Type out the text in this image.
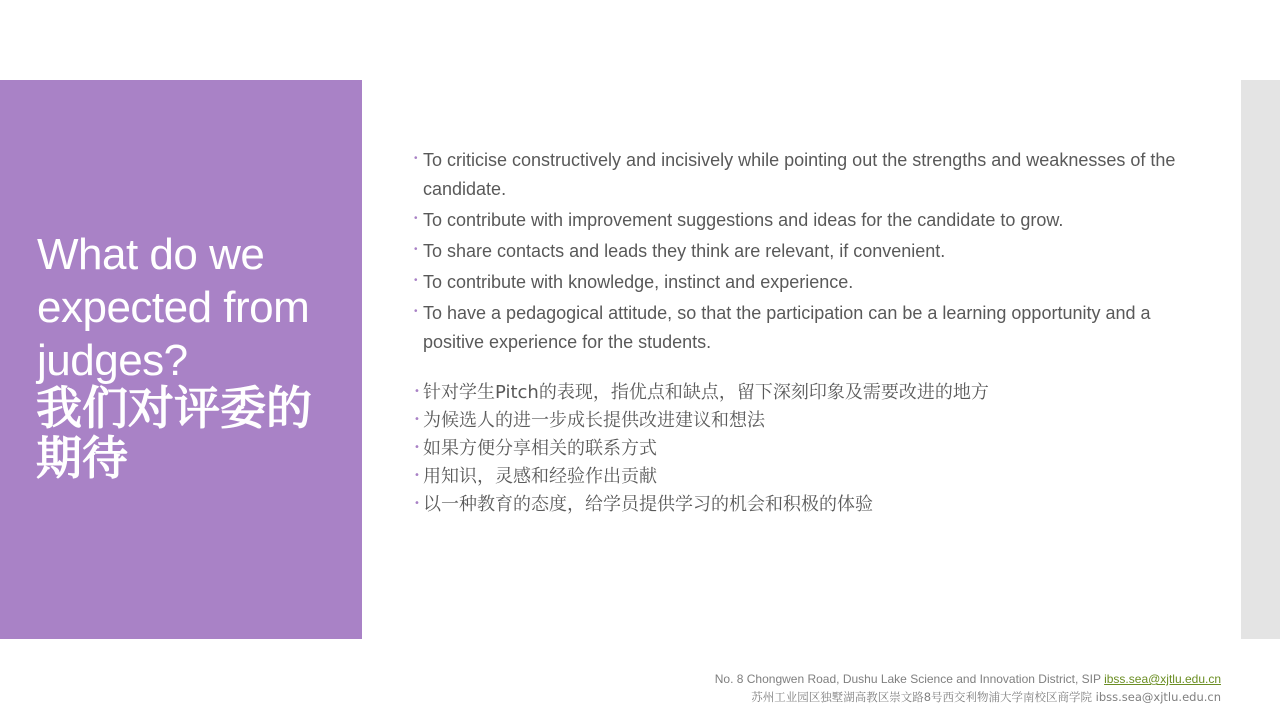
What do we expected from judges?
我们对评委的期待
• To criticise constructively and incisively while pointing out the strengths and weaknesses of the candidate.
• To contribute with improvement suggestions and ideas for the candidate to grow.
• To share contacts and leads they think are relevant, if convenient.
• To contribute with knowledge, instinct and experience.
• To have a pedagogical attitude, so that the participation can be a learning opportunity and a positive experience for the students.
• 针对学生Pitch的表现，指优点和缺点，留下深刻印象及需要改进的地方
• 为候选人的进一步成长提供改进建议和想法
• 如果方便分享相关的联系方式
• 用知识，灵感和经验作出贡献
• 以一种教育的态度，给学员提供学习的机会和积极的体验
No. 8 Chongwen Road, Dushu Lake Science and Innovation District, SIP ibss.sea@xjtlu.edu.cn
苏州工业园区独墅湖高教区崇文路8号西交利物浦大学南校区商学院 ibss.sea@xjtlu.edu.cn
